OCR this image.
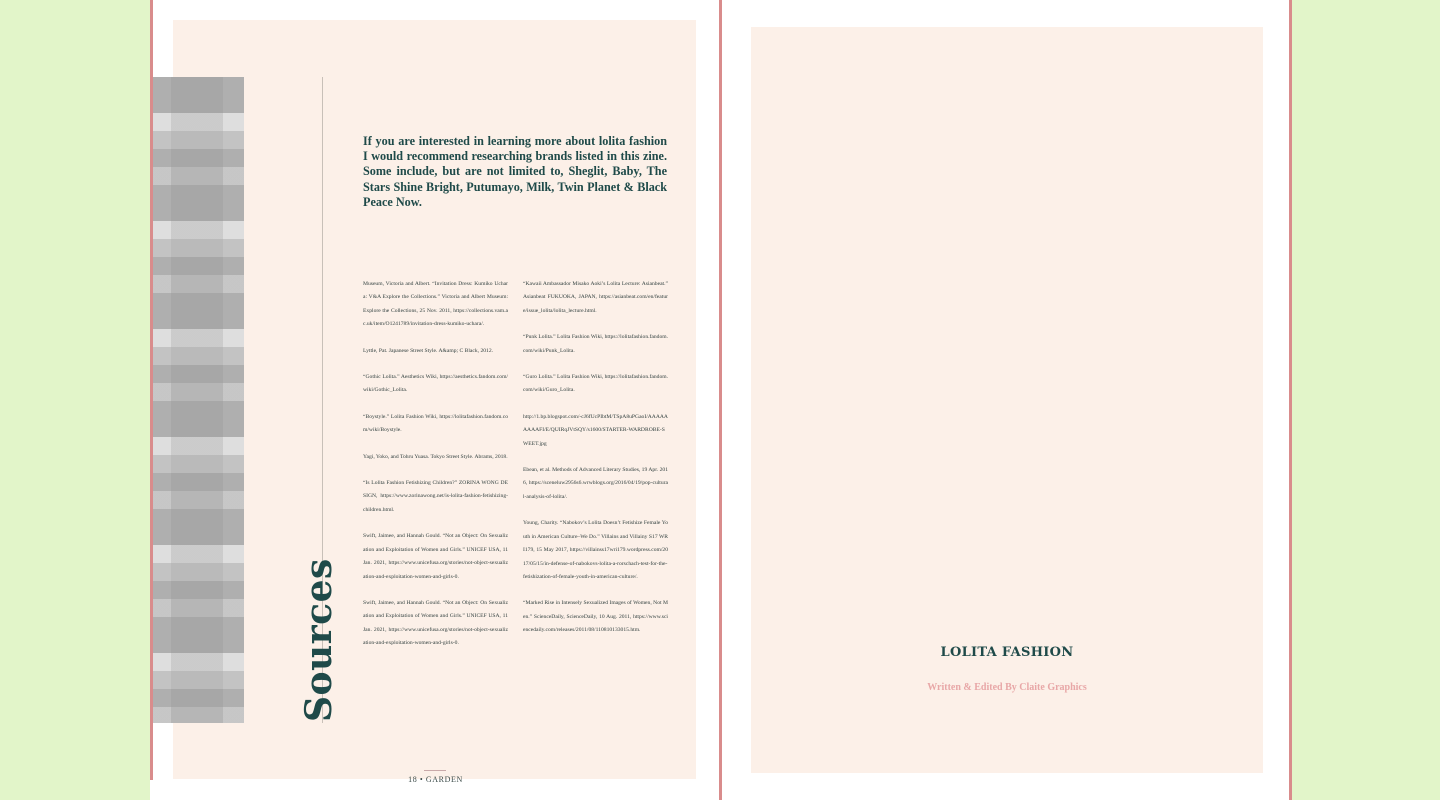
Sources

If you are interested in learning more about lolita fashion I would recommend researching brands listed in this zine. Some include, but are not limited to, Sheglit, Baby, The Stars Shine Bright, Putumayo, Milk, Twin Planet & Black Peace Now.

Museum, Victoria and Albert. “Invitation Dress: Kumiko Uchara: V&A Explore the Collections.” Victoria and Albert Museum: Explore the Collections, 25 Nov. 2011, https://collections.vam.ac.uk/item/O1241789/invitation-dress-kumiko-uchara/.

Lyttle, Pat. Japanese Street Style. A&amp; C Black, 2012.

“Gothic Lolita.” Aesthetics Wiki, https://aesthetics.fandom.com/wiki/Gothic_Lolita.

“Boystyle.” Lolita Fashion Wiki, https://lolitafashion.fandom.com/wiki/Boystyle.

Yagi, Yoko, and Tohru Yuasa. Tokyo Street Style. Abrams, 2018.

“Is Lolita Fashion Fetishizing Children?” ZORINA WONG DESIGN, https://www.zorinawong.net/is-lolita-fashion-fetishizing-children.html.

Swift, Jaimee, and Hannah Gould. “Not an Object: On Sexualization and Exploitation of Women and Girls.” UNICEF USA, 11 Jan. 2021, https://www.unicefusa.org/stories/not-object-sexualization-and-exploitation-women-and-girls-0.

Swift, Jaimee, and Hannah Gould. “Not an Object: On Sexualization and Exploitation of Women and Girls.” UNICEF USA, 11 Jan. 2021, https://www.unicefusa.org/stories/not-object-sexualization-and-exploitation-women-and-girls-0.

“Kawaii Ambassador Misako Aoki’s Lolita Lecture: Asianbeat.” Asianbeat FUKUOKA, JAPAN, https://asianbeat.com/en/feature/issue_lolita/lolita_lecture.html.

“Punk Lolita.” Lolita Fashion Wiki, https://lolitafashion.fandom.com/wiki/Punk_Lolita.

“Guro Lolita.” Lolita Fashion Wiki, https://lolitafashion.fandom.com/wiki/Guro_Lolita.

http://1.bp.blogspot.com/-cJ6fUcPIbtM/TSpA8uPGaoI/AAAAAAAAAFI/E/QUIRqJVtSQY/s1600/STARTER-WARDROBE-SWEET.jpg

Ebean, et al. Methods of Advanced Literary Studies, 19 Apr. 2016, https://sceneluw2956s6.wrwblogs.org/2016/04/19/pop-cultural-analysis-of-lolita/.

Young, Charity. “Nabokov’s Lolita Doesn’t Fetishize Female Youth in American Culture–We Do.” Villains and Villainy S17 WRI179, 15 May 2017, https://villainss17wri179.wordpress.com/2017/05/15/in-defense-of-nabokovs-lolita-a-rorschach-test-for-the-fetishization-of-female-youth-in-american-culture/.

“Marked Rise in Intensely Sexualized Images of Women, Not Men.” ScienceDaily, ScienceDaily, 10 Aug. 2011, https://www.sciencedaily.com/releases/2011/08/110810133015.htm.

18 • GARDEN
LOLITA FASHION
Written & Edited By Claite Graphics
